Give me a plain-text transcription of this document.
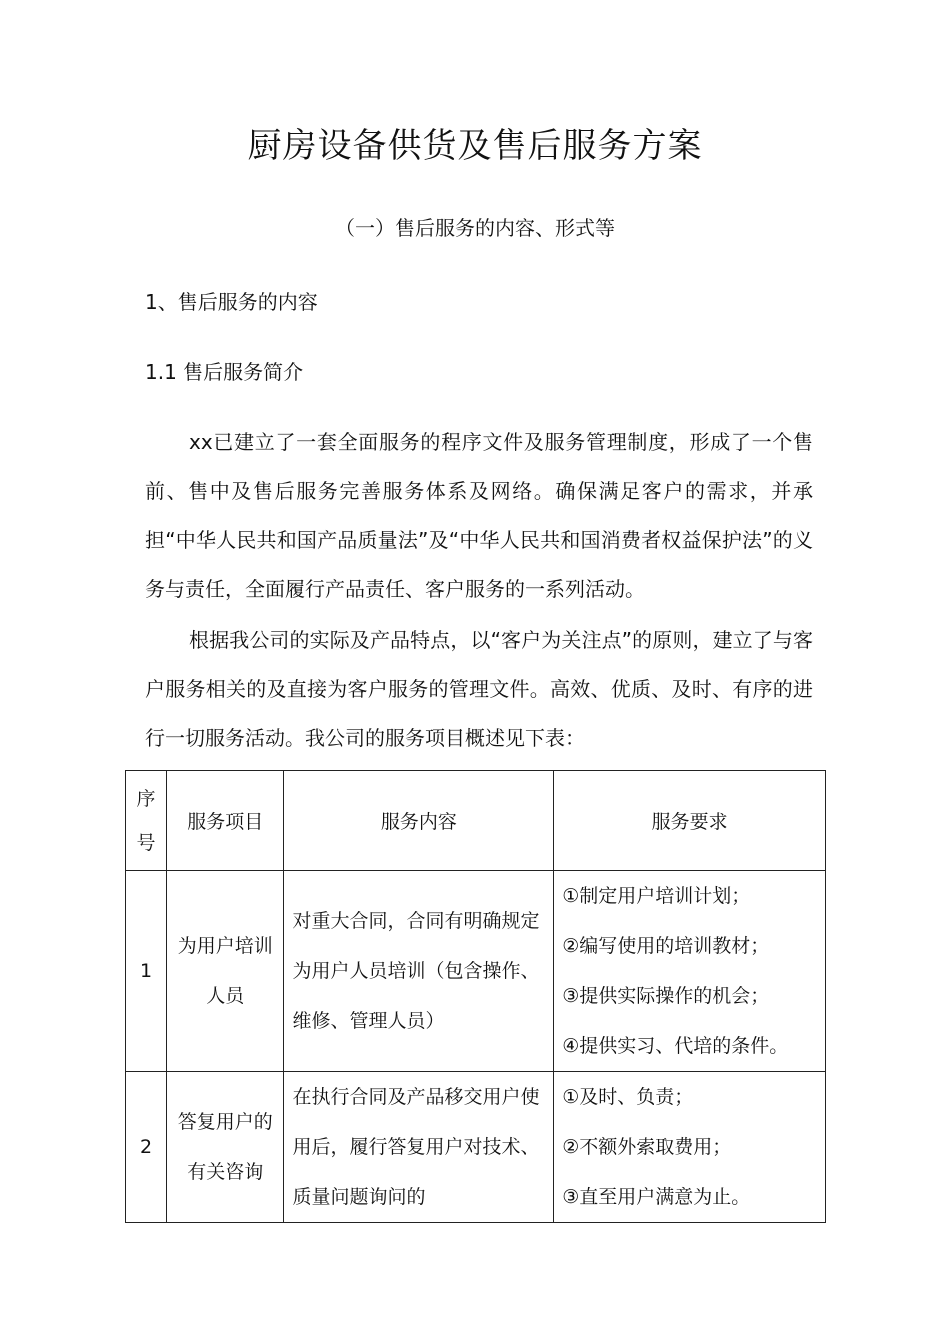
厨房设备供货及售后服务方案
（一）售后服务的内容、形式等
1、售后服务的内容
1.1 售后服务简介

xx已建立了一套全面服务的程序文件及服务管理制度，形成了一个售前、售中及售后服务完善服务体系及网络。确保满足客户的需求，并承担“中华人民共和国产品质量法”及“中华人民共和国消费者权益保护法”的义务与责任，全面履行产品责任、客户服务的一系列活动。

根据我公司的实际及产品特点，以“客户为关注点”的原则，建立了与客户服务相关的及直接为客户服务的管理文件。高效、优质、及时、有序的进行一切服务活动。我公司的服务项目概述见下表：

序
号	服务项目	服务内容	服务要求
1	为用户培训人员	对重大合同，合同有明确规定为用户人员培训（包含操作、维修、管理人员）	①制定用户培训计划；
②编写使用的培训教材；
③提供实际操作的机会；
④提供实习、代培的条件。

2	答复用户的有关咨询	在执行合同及产品移交用户使用后，履行答复用户对技术、质量问题询问的	①及时、负责；
②不额外索取费用；
③直至用户满意为止。
